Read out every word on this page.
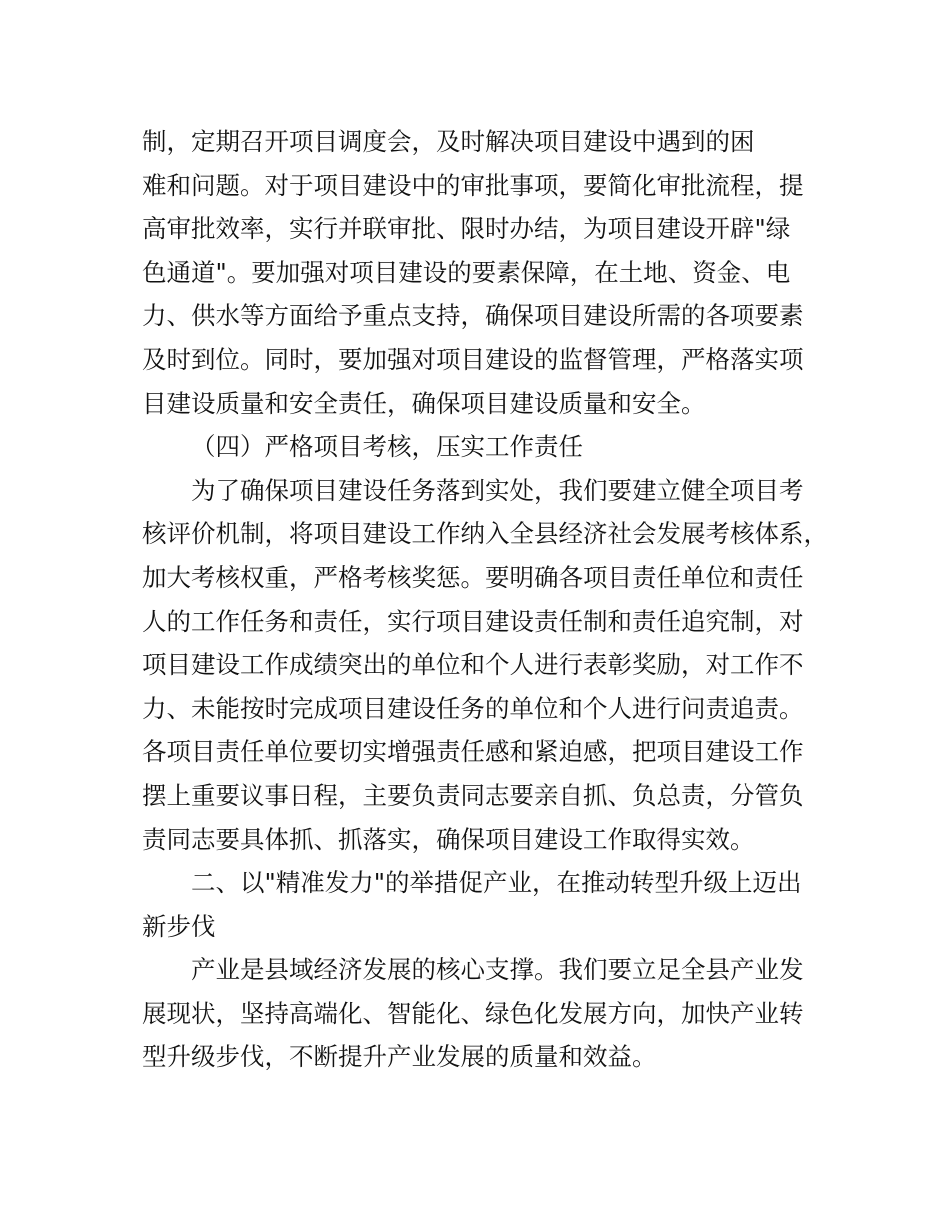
制，定期召开项目调度会，及时解决项目建设中遇到的困
难和问题。对于项目建设中的审批事项，要简化审批流程，提
高审批效率，实行并联审批、限时办结，为项目建设开辟"绿
色通道"。要加强对项目建设的要素保障，在土地、资金、电
力、供水等方面给予重点支持，确保项目建设所需的各项要素
及时到位。同时，要加强对项目建设的监督管理，严格落实项
目建设质量和安全责任，确保项目建设质量和安全。
（四）严格项目考核，压实工作责任
为了确保项目建设任务落到实处，我们要建立健全项目考
核评价机制，将项目建设工作纳入全县经济社会发展考核体系，
加大考核权重，严格考核奖惩。要明确各项目责任单位和责任
人的工作任务和责任，实行项目建设责任制和责任追究制，对
项目建设工作成绩突出的单位和个人进行表彰奖励，对工作不
力、未能按时完成项目建设任务的单位和个人进行问责追责。
各项目责任单位要切实增强责任感和紧迫感，把项目建设工作
摆上重要议事日程，主要负责同志要亲自抓、负总责，分管负
责同志要具体抓、抓落实，确保项目建设工作取得实效。
二、以"精准发力"的举措促产业，在推动转型升级上迈出
新步伐
产业是县域经济发展的核心支撑。我们要立足全县产业发
展现状，坚持高端化、智能化、绿色化发展方向，加快产业转
型升级步伐，不断提升产业发展的质量和效益。
